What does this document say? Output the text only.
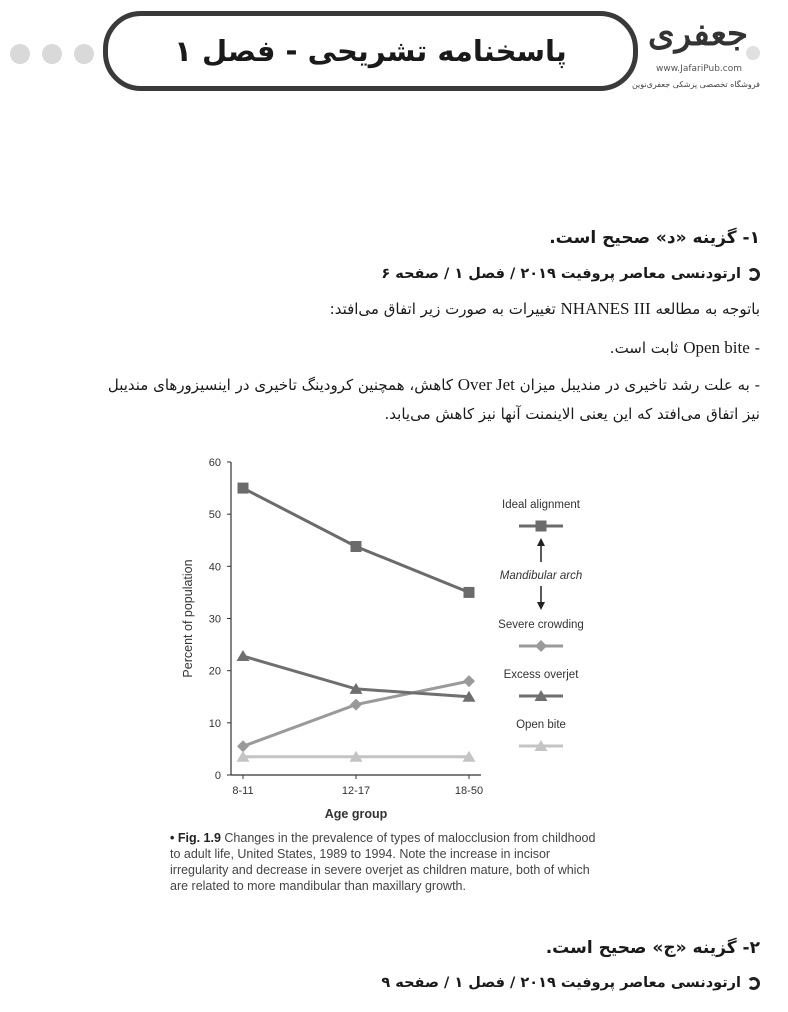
پاسخنامه تشریحی - فصل ۱ جعفری
www.JafariPub.com
فروشگاه تخصصی پزشکی جعفری‌نوین
۱- گزینه «د» صحیح است.
ارتودنسی معاصر پروفیت ۲۰۱۹ / فصل ۱ / صفحه ۶
باتوجه به مطالعه NHANES III تغییرات به صورت زیر اتفاق می‌افتد:
- Open bite ثابت است.
- به علت رشد تاخیری در مندیبل میزان Over Jet کاهش، همچنین کرودینگ تاخیری در اینسیزورهای مندیبل
نیز اتفاق می‌افتد که این یعنی الاینمنت آنها نیز کاهش می‌یابد.
0
10
20
30
40
50
60
8-11	12-17	18-50
Age group
Percent of population
Ideal alignment
Severe crowding
Excess overjet
Open bite
Mandibular arch
• Fig. 1.9 Changes in the prevalence of types of malocclusion from childhood to adult life, United States, 1989 to 1994. Note the increase in incisor irregularity and decrease in severe overjet as children mature, both of which are related to more mandibular than maxillary growth.
۲- گزینه «ج» صحیح است.
ارتودنسی معاصر پروفیت ۲۰۱۹ / فصل ۱ / صفحه ۹
